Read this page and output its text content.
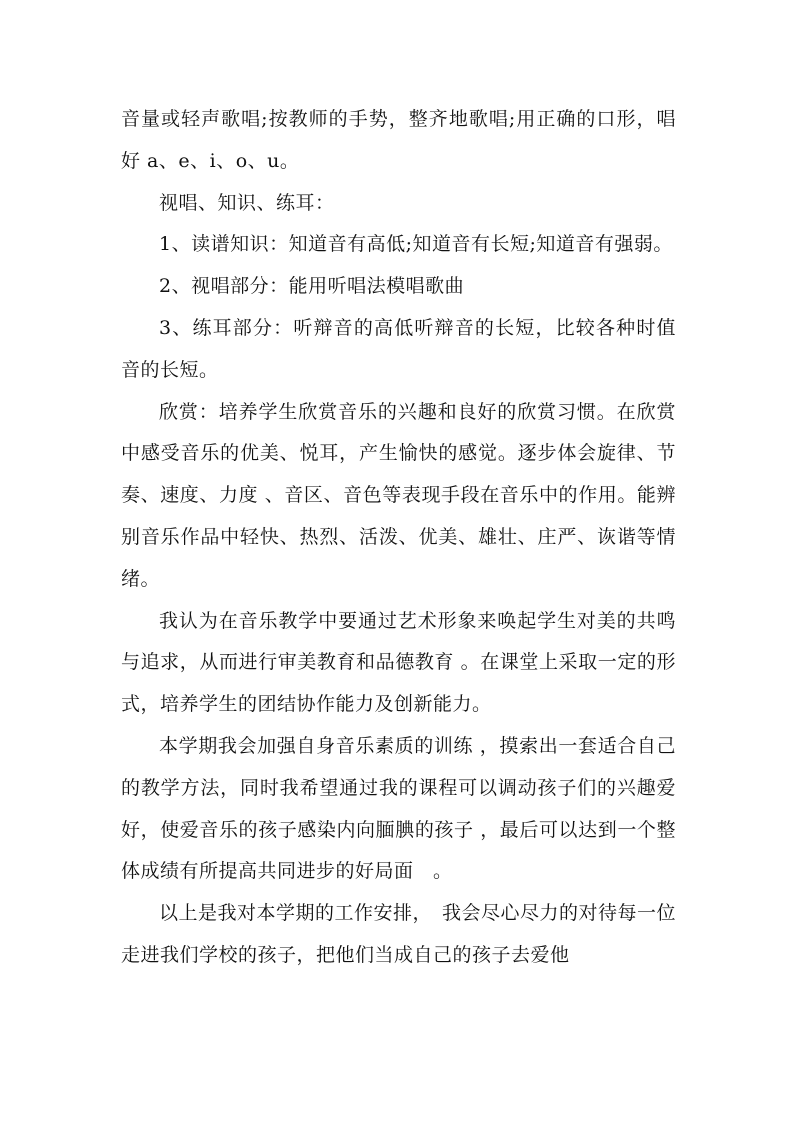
音量或轻声歌唱;按教师的手势，整齐地歌唱;用正确的口形，唱好 a、e、i、o、u。

视唱、知识、练耳：

1、读谱知识：知道音有高低;知道音有长短;知道音有强弱。

2、视唱部分：能用听唱法模唱歌曲

3、练耳部分：听辩音的高低听辩音的长短，比较各种时值音的长短。

欣赏：培养学生欣赏音乐的兴趣和良好的欣赏习惯。在欣赏中感受音乐的优美、悦耳，产生愉快的感觉。逐步体会旋律、节奏、速度、力度 、音区、音色等表现手段在音乐中的作用。能辨别音乐作品中轻快、热烈、活泼、优美、雄壮、庄严、诙谐等情绪。

我认为在音乐教学中要通过艺术形象来唤起学生对美的共鸣与追求，从而进行审美教育和品德教育 。在课堂上采取一定的形式，培养学生的团结协作能力及创新能力。

本学期我会加强自身音乐素质的训练 ，摸索出一套适合自己的教学方法，同时我希望通过我的课程可以调动孩子们的兴趣爱好，使爱音乐的孩子感染内向腼腆的孩子 ，最后可以达到一个整体成绩有所提高共同进步的好局面　。

以上是我对本学期的工作安排，　我会尽心尽力的对待每一位走进我们学校的孩子，把他们当成自己的孩子去爱他
